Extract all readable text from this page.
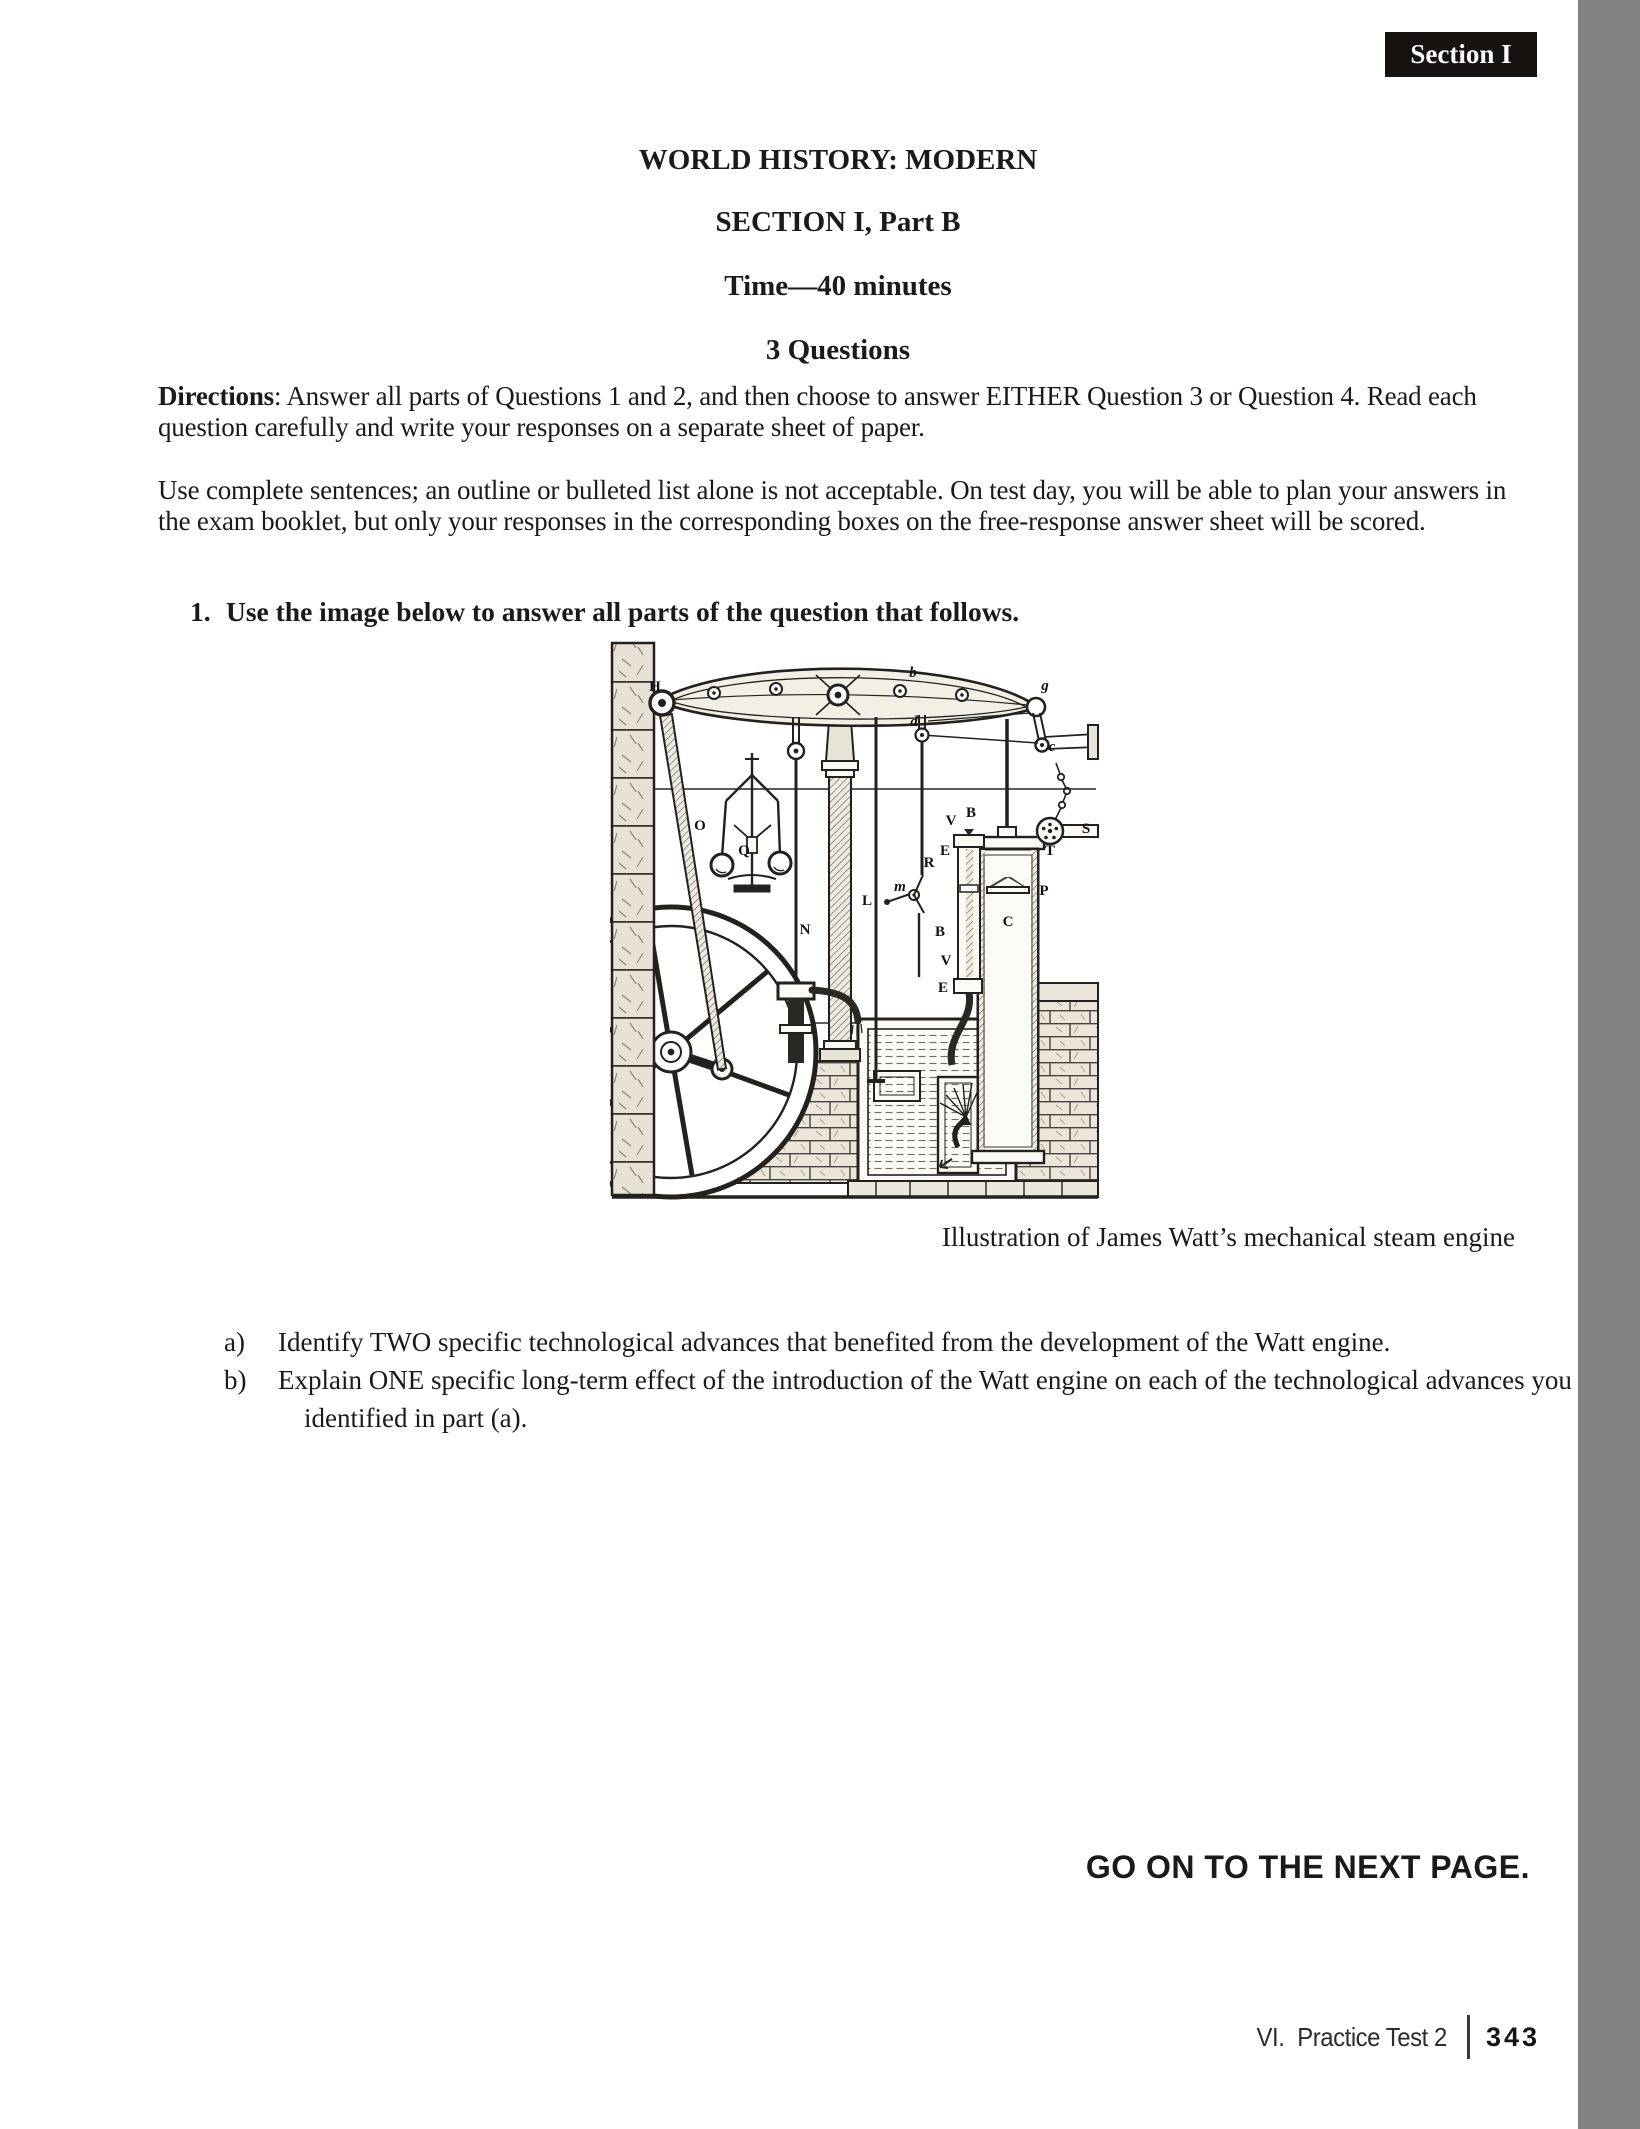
Section I
WORLD HISTORY: MODERN
SECTION I, Part B
Time—40 minutes
3 Questions
Directions: Answer all parts of Questions 1 and 2, and then choose to answer EITHER Question 3 or Question 4. Read each question carefully and write your responses on a separate sheet of paper.
Use complete sentences; an outline or bulleted list alone is not acceptable. On test day, you will be able to plan your answers in the exam booklet, but only your responses in the corresponding boxes on the free-response answer sheet will be scored.
1. Use the image below to answer all parts of the question that follows.
H
b
g
d
c
O
Q
N
L
R
m
V B
E
B
V
E
C
P
T
S
Illustration of James Watt’s mechanical steam engine
a) Identify TWO specific technological advances that benefited from the development of the Watt engine.
b) Explain ONE specific long-term effect of the introduction of the Watt engine on each of the technological advances you
identified in part (a).
GO ON TO THE NEXT PAGE.
VI. Practice Test 2 343
